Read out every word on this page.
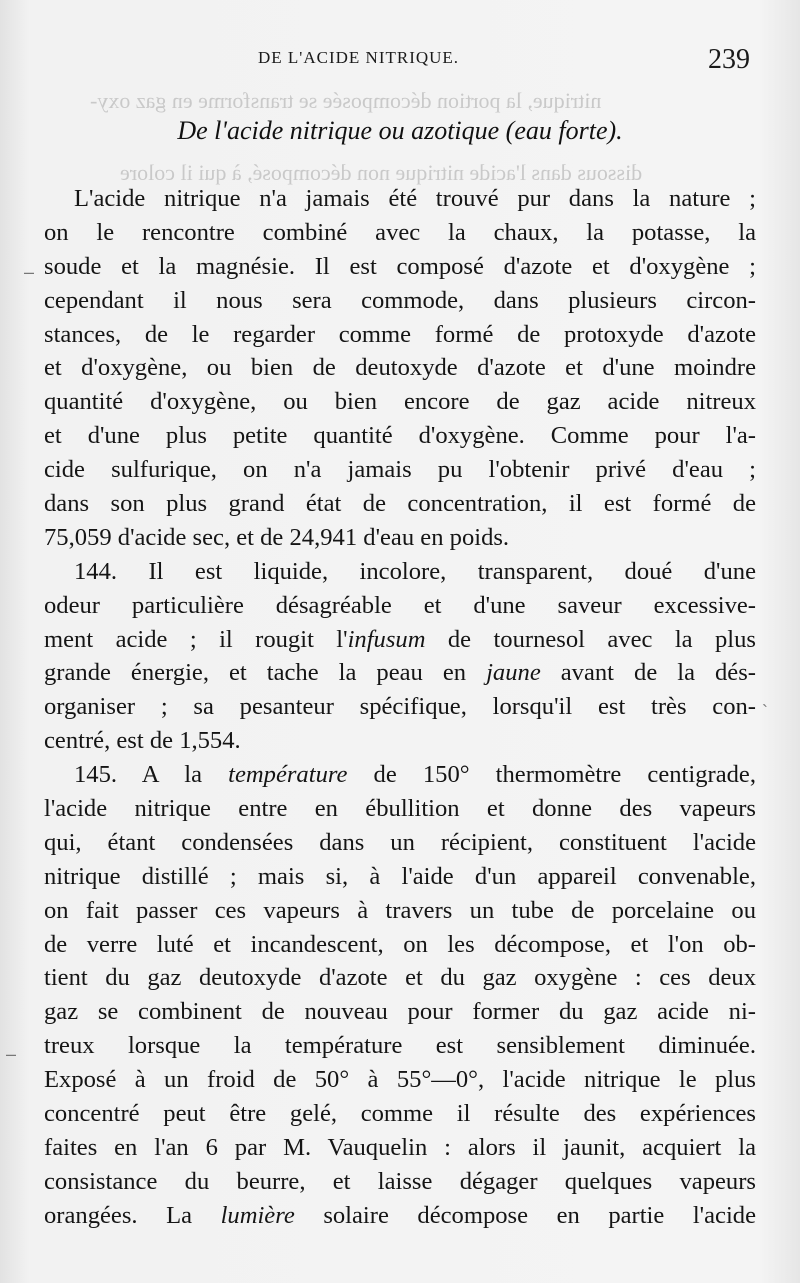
nitrique, la portion décomposée se transforme en gaz oxy-
dissous dans l'acide nitrique non décomposé, à qui il colore
DE L'ACIDE NITRIQUE.	239
De l'acide nitrique ou azotique (eau forte).
L'acide nitrique n'a jamais été trouvé pur dans la nature ;
on le rencontre combiné avec la chaux, la potasse, la
soude et la magnésie. Il est composé d'azote et d'oxygène ;
cependant il nous sera commode, dans plusieurs circon-
stances, de le regarder comme formé de protoxyde d'azote
et d'oxygène, ou bien de deutoxyde d'azote et d'une moindre
quantité d'oxygène, ou bien encore de gaz acide nitreux
et d'une plus petite quantité d'oxygène. Comme pour l'a-
cide sulfurique, on n'a jamais pu l'obtenir privé d'eau ;
dans son plus grand état de concentration, il est formé de
75,059 d'acide sec, et de 24,941 d'eau en poids.
144. Il est liquide, incolore, transparent, doué d'une
odeur particulière désagréable et d'une saveur excessive-
ment acide ; il rougit l'infusum de tournesol avec la plus
grande énergie, et tache la peau en jaune avant de la dés-
organiser ; sa pesanteur spécifique, lorsqu'il est très con-
centré, est de 1,554.
145. A la température de 150° thermomètre centigrade,
l'acide nitrique entre en ébullition et donne des vapeurs
qui, étant condensées dans un récipient, constituent l'acide
nitrique distillé ; mais si, à l'aide d'un appareil convenable,
on fait passer ces vapeurs à travers un tube de porcelaine ou
de verre luté et incandescent, on les décompose, et l'on ob-
tient du gaz deutoxyde d'azote et du gaz oxygène : ces deux
gaz se combinent de nouveau pour former du gaz acide ni-
treux lorsque la température est sensiblement diminuée.
Exposé à un froid de 50° à 55°—0°, l'acide nitrique le plus
concentré peut être gelé, comme il résulte des expériences
faites en l'an 6 par M. Vauquelin : alors il jaunit, acquiert la
consistance du beurre, et laisse dégager quelques vapeurs
orangées. La lumière solaire décompose en partie l'acide
–
`
–
